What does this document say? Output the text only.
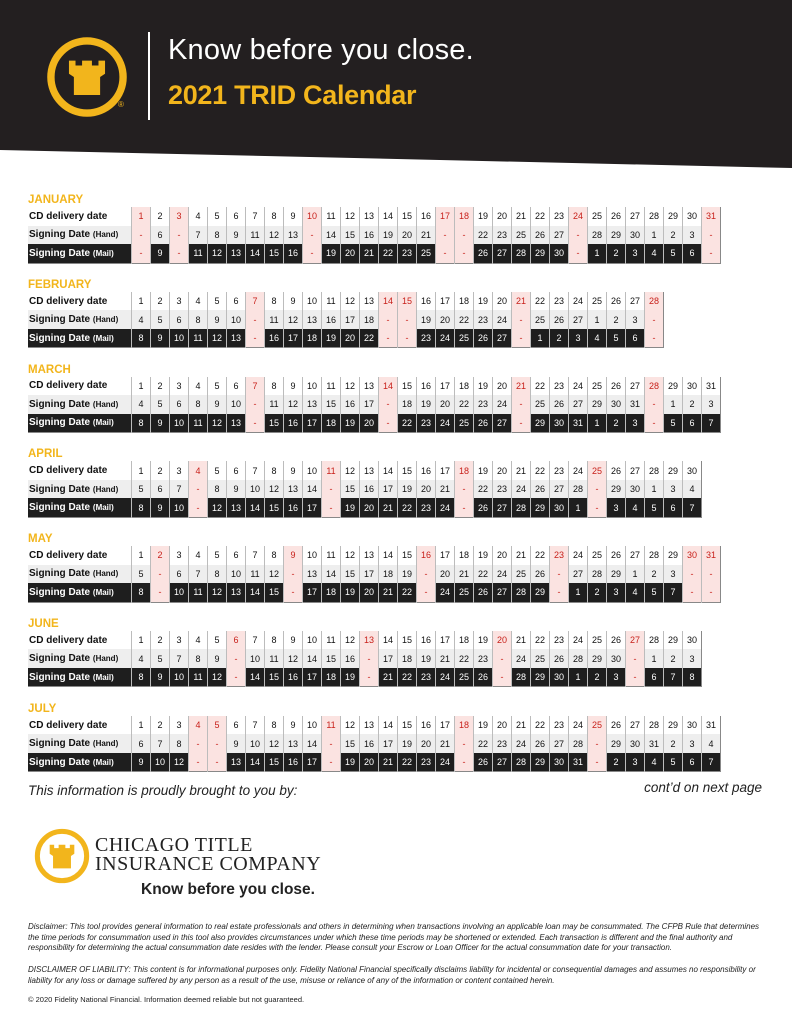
®
Know before you close.
2021 TRID Calendar
JANUARY
CD delivery date	1	2	3	4	5	6	7	8	9	10	11	12	13	14	15	16	17	18	19	20	21	22	23	24	25	26	27	28	29	30	31
Signing Date (Hand)	-	6	-	7	8	9	11	12	13	-	14	15	16	19	20	21	-	-	22	23	25	26	27	-	28	29	30	1	2	3	-
Signing Date (Mail)	-	9	-	11	12	13	14	15	16	-	19	20	21	22	23	25	-	-	26	27	28	29	30	-	1	2	3	4	5	6	-
FEBRUARY
CD delivery date	1	2	3	4	5	6	7	8	9	10	11	12	13	14	15	16	17	18	19	20	21	22	23	24	25	26	27	28
Signing Date (Hand)	4	5	6	8	9	10	-	11	12	13	16	17	18	-	-	19	20	22	23	24	-	25	26	27	1	2	3	-
Signing Date (Mail)	8	9	10	11	12	13	-	16	17	18	19	20	22	-	-	23	24	25	26	27	-	1	2	3	4	5	6	-
MARCH
CD delivery date	1	2	3	4	5	6	7	8	9	10	11	12	13	14	15	16	17	18	19	20	21	22	23	24	25	26	27	28	29	30	31
Signing Date (Hand)	4	5	6	8	9	10	-	11	12	13	15	16	17	-	18	19	20	22	23	24	-	25	26	27	29	30	31	-	1	2	3
Signing Date (Mail)	8	9	10	11	12	13	-	15	16	17	18	19	20	-	22	23	24	25	26	27	-	29	30	31	1	2	3	-	5	6	7
APRIL
CD delivery date	1	2	3	4	5	6	7	8	9	10	11	12	13	14	15	16	17	18	19	20	21	22	23	24	25	26	27	28	29	30
Signing Date (Hand)	5	6	7	-	8	9	10	12	13	14	-	15	16	17	19	20	21	-	22	23	24	26	27	28	-	29	30	1	3	4
Signing Date (Mail)	8	9	10	-	12	13	14	15	16	17	-	19	20	21	22	23	24	-	26	27	28	29	30	1	-	3	4	5	6	7
MAY
CD delivery date	1	2	3	4	5	6	7	8	9	10	11	12	13	14	15	16	17	18	19	20	21	22	23	24	25	26	27	28	29	30	31
Signing Date (Hand)	5	-	6	7	8	10	11	12	-	13	14	15	17	18	19	-	20	21	22	24	25	26	-	27	28	29	1	2	3	-	-
Signing Date (Mail)	8	-	10	11	12	13	14	15	-	17	18	19	20	21	22	-	24	25	26	27	28	29	-	1	2	3	4	5	7	-	-
JUNE
CD delivery date	1	2	3	4	5	6	7	8	9	10	11	12	13	14	15	16	17	18	19	20	21	22	23	24	25	26	27	28	29	30
Signing Date (Hand)	4	5	7	8	9	-	10	11	12	14	15	16	-	17	18	19	21	22	23	-	24	25	26	28	29	30	-	1	2	3
Signing Date (Mail)	8	9	10	11	12	-	14	15	16	17	18	19	-	21	22	23	24	25	26	-	28	29	30	1	2	3	-	6	7	8
JULY
CD delivery date	1	2	3	4	5	6	7	8	9	10	11	12	13	14	15	16	17	18	19	20	21	22	23	24	25	26	27	28	29	30	31
Signing Date (Hand)	6	7	8	-	-	9	10	12	13	14	-	15	16	17	19	20	21	-	22	23	24	26	27	28	-	29	30	31	2	3	4
Signing Date (Mail)	9	10	12	-	-	13	14	15	16	17	-	19	20	21	22	23	24	-	26	27	28	29	30	31	-	2	3	4	5	6	7
This information is proudly brought to you by:	cont’d on next page
CHICAGO TITLE
INSURANCE COMPANY
Know before you close.
Disclaimer: This tool provides general information to real estate professionals and others in determining when transactions involving an applicable loan may be consummated. The CFPB Rule that determines the time periods for consummation used in this tool also provides circumstances under which these time periods may be shortened or extended. Each transaction is different and the final authority and responsibility for determining the actual consummation date resides with the lender. Please consult your Escrow or Loan Officer for the actual consummation date for your transaction.
DISCLAIMER OF LIABILITY: This content is for informational purposes only. Fidelity National Financial specifically disclaims liability for incidental or consequential damages and assumes no responsibility or liability for any loss or damage suffered by any person as a result of the use, misuse or reliance of any of the information or content contained herein.
© 2020 Fidelity National Financial. Information deemed reliable but not guaranteed.
